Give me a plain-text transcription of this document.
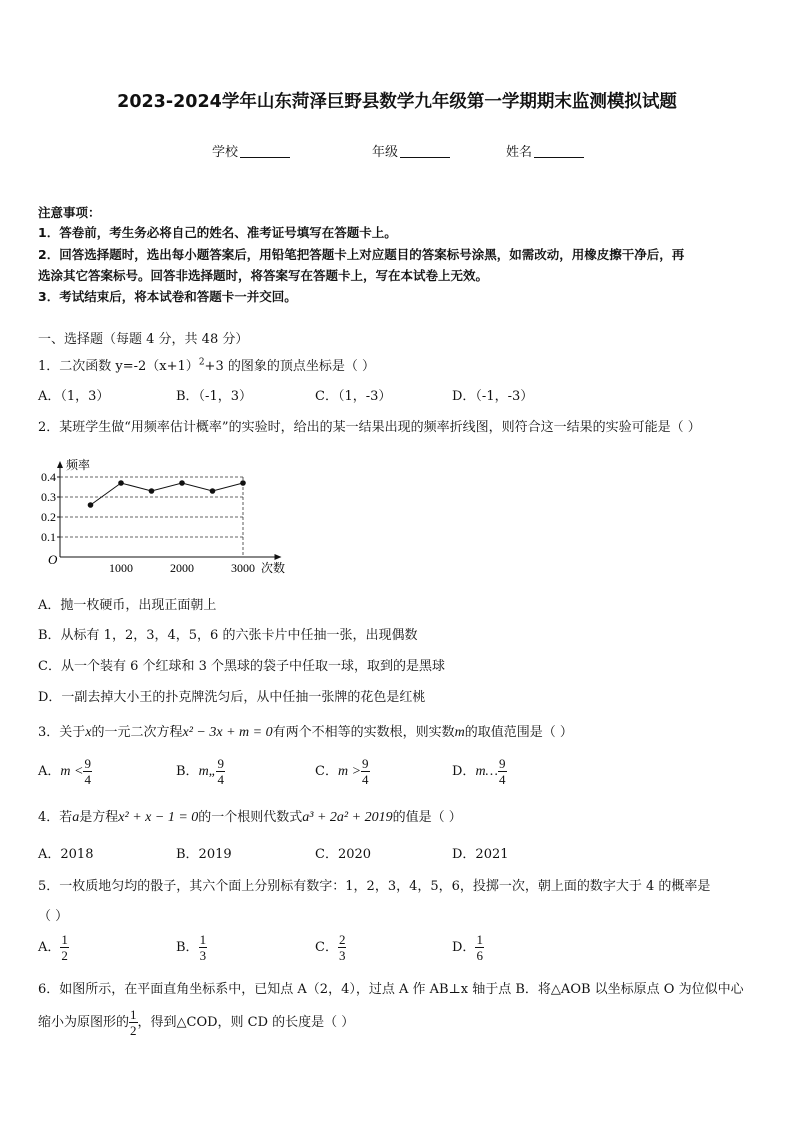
2023-2024学年山东菏泽巨野县数学九年级第一学期期末监测模拟试题
学校	年级	姓名
注意事项：
1．答卷前，考生务必将自己的姓名、准考证号填写在答题卡上。
2．回答选择题时，选出每小题答案后，用铅笔把答题卡上对应题目的答案标号涂黑，如需改动，用橡皮擦干净后，再
选涂其它答案标号。回答非选择题时，将答案写在答题卡上，写在本试卷上无效。
3．考试结束后，将本试卷和答题卡一并交回。
一、选择题（每题 4 分，共 48 分）
1．二次函数 $y=-2(x+1)^2+3$ 的图象的顶点坐标是（ ）
A．（1，3）	B．（-1，3）	C．（1，-3）	D．（-1，-3）
2．某班学生做“用频率估计概率”的实验时，给出的某一结果出现的频率折线图，则符合这一结果的实验可能是（ ）
0.1
0.2
0.3
0.4
1000	2000	3000
O
频率
次数
A．抛一枚硬币，出现正面朝上
B．从标有 1，2，3，4，5，6 的六张卡片中任抽一张，出现偶数
C．从一个装有 6 个红球和 3 个黑球的袋子中任取一球，取到的是黑球
D．一副去掉大小王的扑克牌洗匀后，从中任抽一张牌的花色是红桃
3．关于x的一元二次方程x² − 3x + m = 0有两个不相等的实数根，则实数m的取值范围是（ ）
A．$m < \frac{9}{4}$	B．m„ $\frac{9}{4}$	C．$m > \frac{9}{4}$	D．m… $\frac{9}{4}$
4．若a是方程x² + x − 1 = 0的一个根则代数式a³ + 2a² + 2019的值是（ ）
A．2018	B．2019	C．2020	D．2021
5．一枚质地匀均的骰子，其六个面上分别标有数字：1，2，3，4，5，6，投掷一次，朝上面的数字大于 4 的概率是
（ ）
A． $\frac{1}{2}$	B． $\frac{1}{3}$	C． $\frac{2}{3}$	D． $\frac{1}{6}$
6．如图所示，在平面直角坐标系中，已知点 A（2，4），过点 A 作 AB⊥x 轴于点 B．将△AOB 以坐标原点 O 为位似中心
缩小为原图形的 $\frac{1}{2}$ ，得到△COD，则 CD 的长度是（ ）
